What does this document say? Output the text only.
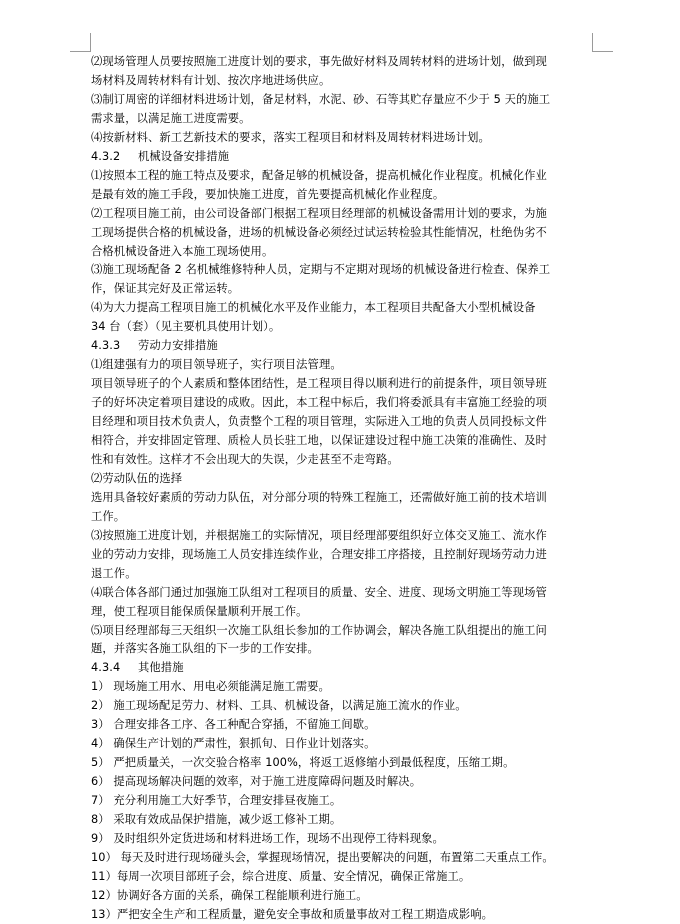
⑵现场管理人员要按照施工进度计划的要求，事先做好材料及周转材料的进场计划，做到现
场材料及周转材料有计划、按次序地进场供应。
⑶制订周密的详细材料进场计划，备足材料，水泥、砂、石等其贮存量应不少于 5 天的施工
需求量，以满足施工进度需要。
⑷按新材料、新工艺新技术的要求，落实工程项目和材料及周转材料进场计划。
4.3.2 机械设备安排措施
⑴按照本工程的施工特点及要求，配备足够的机械设备，提高机械化作业程度。机械化作业
是最有效的施工手段，要加快施工进度，首先要提高机械化作业程度。
⑵工程项目施工前，由公司设备部门根据工程项目经理部的机械设备需用计划的要求，为施
工现场提供合格的机械设备，进场的机械设备必须经过试运转检验其性能情况，杜绝伪劣不
合格机械设备进入本施工现场使用。
⑶施工现场配备 2 名机械维修特种人员，定期与不定期对现场的机械设备进行检查、保养工
作，保证其完好及正常运转。
⑷为大力提高工程项目施工的机械化水平及作业能力，本工程项目共配备大小型机械设备
34 台（套）（见主要机具使用计划）。
4.3.3 劳动力安排措施
⑴组建强有力的项目领导班子，实行项目法管理。
项目领导班子的个人素质和整体团结性，是工程项目得以顺利进行的前提条件，项目领导班
子的好坏决定着项目建设的成败。因此，本工程中标后，我们将委派具有丰富施工经验的项
目经理和项目技术负责人，负责整个工程的项目管理，实际进入工地的负责人员同投标文件
相符合，并安排固定管理、质检人员长驻工地，以保证建设过程中施工决策的准确性、及时
性和有效性。这样才不会出现大的失误，少走甚至不走弯路。
⑵劳动队伍的选择
选用具备较好素质的劳动力队伍，对分部分项的特殊工程施工，还需做好施工前的技术培训
工作。
⑶按照施工进度计划，并根据施工的实际情况，项目经理部要组织好立体交叉施工、流水作
业的劳动力安排，现场施工人员安排连续作业，合理安排工序搭接，且控制好现场劳动力进
退工作。
⑷联合体各部门通过加强施工队组对工程项目的质量、安全、进度、现场文明施工等现场管
理，使工程项目能保质保量顺利开展工作。
⑸项目经理部每三天组织一次施工队组长参加的工作协调会，解决各施工队组提出的施工问
题，并落实各施工队组的下一步的工作安排。
4.3.4 其他措施
1） 现场施工用水、用电必须能满足施工需要。
2） 施工现场配足劳力、材料、工具、机械设备，以满足施工流水的作业。
3） 合理安排各工序、各工种配合穿插，不留施工间歇。
4） 确保生产计划的严肃性，狠抓旬、日作业计划落实。
5） 严把质量关，一次交验合格率 100%，将返工返修缩小到最低程度，压缩工期。
6） 提高现场解决问题的效率，对于施工进度障碍问题及时解决。
7） 充分利用施工大好季节，合理安排昼夜施工。
8） 采取有效成品保护措施，减少返工修补工期。
9） 及时组织外定货进场和材料进场工作，现场不出现停工待料现象。
10） 每天及时进行现场碰头会，掌握现场情况，提出要解决的问题，布置第二天重点工作。
11）每周一次项目部班子会，综合进度、质量、安全情况，确保正常施工。
12）协调好各方面的关系，确保工程能顺利进行施工。
13）严把安全生产和工程质量，避免安全事故和质量事故对工程工期造成影响。
